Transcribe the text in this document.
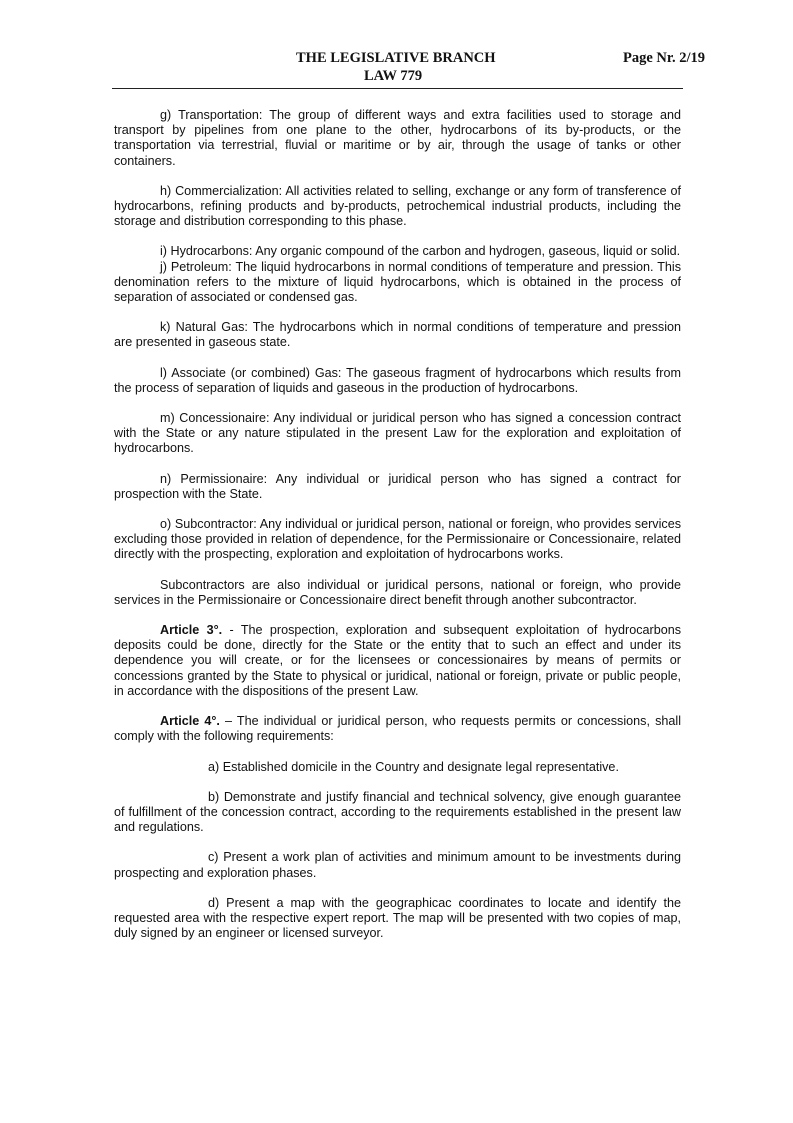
THE LEGISLATIVE BRANCH	Page Nr. 2/19
LAW 779

g) Transportation: The group of different ways and extra facilities used to storage and transport by pipelines from one plane to the other, hydrocarbons of its by-products, or the transportation via terrestrial, fluvial or maritime or by air, through the usage of tanks or other containers.

h) Commercialization: All activities related to selling, exchange or any form of transference of hydrocarbons, refining products and by-products, petrochemical industrial products, including the storage and distribution corresponding to this phase.

i) Hydrocarbons: Any organic compound of the carbon and hydrogen, gaseous, liquid or solid.

j) Petroleum: The liquid hydrocarbons in normal conditions of temperature and pression. This denomination refers to the mixture of liquid hydrocarbons, which is obtained in the process of separation of associated or condensed gas.

k) Natural Gas: The hydrocarbons which in normal conditions of temperature and pression are presented in gaseous state.

l) Associate (or combined) Gas: The gaseous fragment of hydrocarbons which results from the process of separation of liquids and gaseous in the production of hydrocarbons.

m) Concessionaire: Any individual or juridical person who has signed a concession contract with the State or any nature stipulated in the present Law for the exploration and exploitation of hydrocarbons.

n) Permissionaire: Any individual or juridical person who has signed a contract for prospection with the State.

o) Subcontractor: Any individual or juridical person, national or foreign, who provides services excluding those provided in relation of dependence, for the Permissionaire or Concessionaire, related directly with the prospecting, exploration and exploitation of hydrocarbons works.

Subcontractors are also individual or juridical persons, national or foreign, who provide services in the Permissionaire or Concessionaire direct benefit through another subcontractor.

Article 3°. - The prospection, exploration and subsequent exploitation of hydrocarbons deposits could be done, directly for the State or the entity that to such an effect and under its dependence you will create, or for the licensees or concessionaires by means of permits or concessions granted by the State to physical or juridical, national or foreign, private or public people, in accordance with the dispositions of the present Law.

Article 4°. – The individual or juridical person, who requests permits or concessions, shall comply with the following requirements:

a) Established domicile in the Country and designate legal representative.

b) Demonstrate and justify financial and technical solvency, give enough guarantee of fulfillment of the concession contract, according to the requirements established in the present law and regulations.

c) Present a work plan of activities and minimum amount to be investments during prospecting and exploration phases.

d) Present a map with the geographicac coordinates to locate and identify the requested area with the respective expert report. The map will be presented with two copies of map, duly signed by an engineer or licensed surveyor.
